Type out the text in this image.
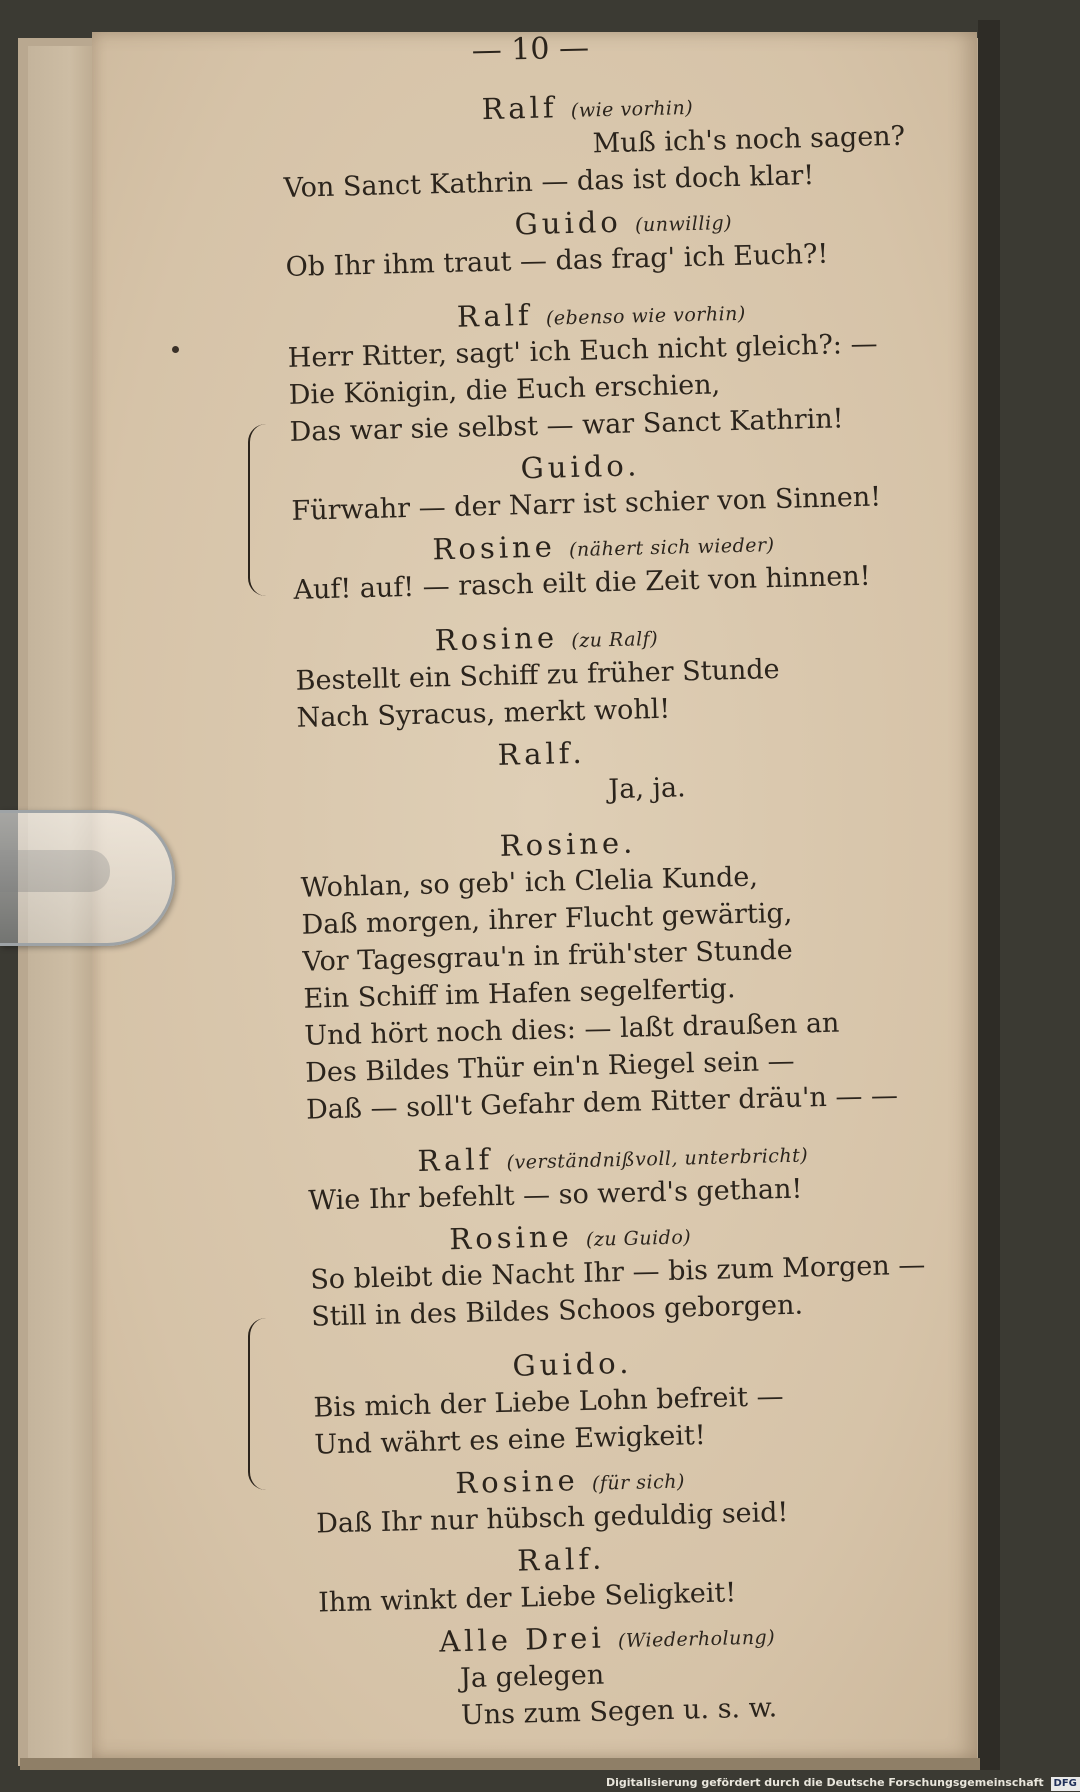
— 10 —
Ralf (wie vorhin)
Muß ich's noch sagen?
Von Sanct Kathrin — das ist doch klar!
Guido (unwillig)
Ob Ihr ihm traut — das frag' ich Euch?!
Ralf (ebenso wie vorhin)
Herr Ritter, sagt' ich Euch nicht gleich?: —
Die Königin, die Euch erschien,
Das war sie selbst — war Sanct Kathrin!
Guido.
Fürwahr — der Narr ist schier von Sinnen!
Rosine (nähert sich wieder)
Auf! auf! — rasch eilt die Zeit von hinnen!
Rosine (zu Ralf)
Bestellt ein Schiff zu früher Stunde
Nach Syracus, merkt wohl!
Ralf.
Ja, ja.
Rosine.
Wohlan, so geb' ich Clelia Kunde,
Daß morgen, ihrer Flucht gewärtig,
Vor Tagesgrau'n in früh'ster Stunde
Ein Schiff im Hafen segelfertig.
Und hört noch dies: — laßt draußen an
Des Bildes Thür ein'n Riegel sein —
Daß — soll't Gefahr dem Ritter dräu'n — —
Ralf (verständnißvoll, unterbricht)
Wie Ihr befehlt — so werd's gethan!
Rosine (zu Guido)
So bleibt die Nacht Ihr — bis zum Morgen —
Still in des Bildes Schoos geborgen.
Guido.
Bis mich der Liebe Lohn befreit —
Und währt es eine Ewigkeit!
Rosine (für sich)
Daß Ihr nur hübsch geduldig seid!
Ralf.
Ihm winkt der Liebe Seligkeit!
Alle Drei (Wiederholung)
Ja gelegen
Uns zum Segen u. s. w.
Digitalisierung gefördert durch die Deutsche Forschungsgemeinschaft DFG
